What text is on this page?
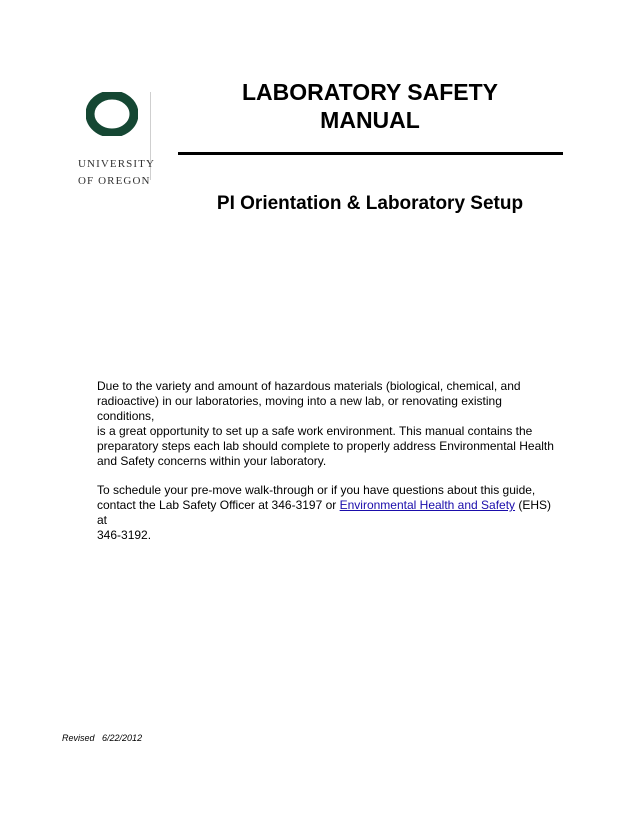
UNIVERSITY
OF OREGON
LABORATORY SAFETY
MANUAL
PI Orientation & Laboratory Setup

Due to the variety and amount of hazardous materials (biological, chemical, and
radioactive) in our laboratories, moving into a new lab, or renovating existing conditions,
is a great opportunity to set up a safe work environment. This manual contains the
preparatory steps each lab should complete to properly address Environmental Health
and Safety concerns within your laboratory.

To schedule your pre-move walk-through or if you have questions about this guide,
contact the Lab Safety Officer at 346-3197 or Environmental Health and Safety (EHS) at
346-3192.

Revised 6/22/2012
